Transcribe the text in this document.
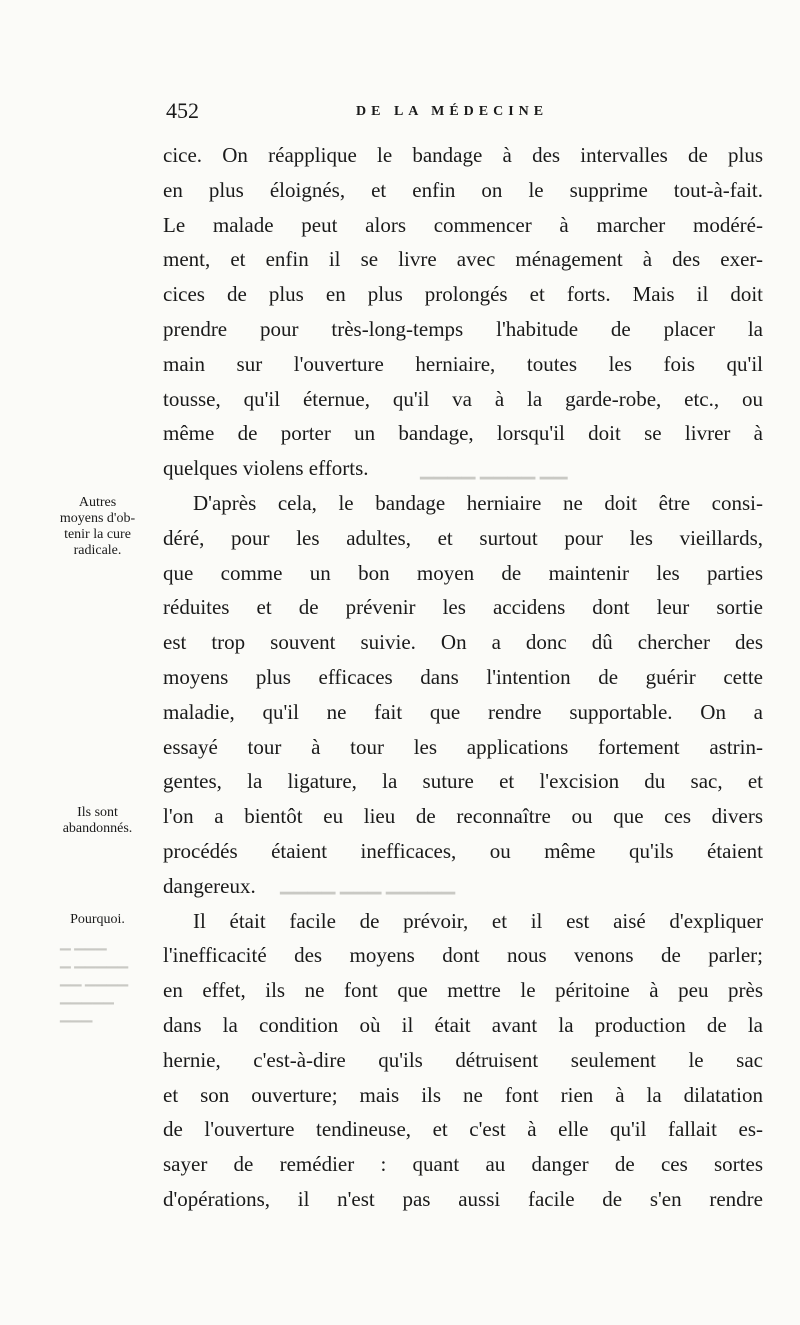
452	DE LA MÉDECINE
cice. On réapplique le bandage à des intervalles de plus
en plus éloignés, et enfin on le supprime tout-à-fait.
Le malade peut alors commencer à marcher modéré-
ment, et enfin il se livre avec ménagement à des exer-
cices de plus en plus prolongés et forts. Mais il doit
prendre pour très-long-temps l'habitude de placer la
main sur l'ouverture herniaire, toutes les fois qu'il
tousse, qu'il éternue, qu'il va à la garde-robe, etc., ou
même de porter un bandage, lorsqu'il doit se livrer à
quelques violens efforts.
D'après cela, le bandage herniaire ne doit être consi-
déré, pour les adultes, et surtout pour les vieillards,
que comme un bon moyen de maintenir les parties
réduites et de prévenir les accidens dont leur sortie
est trop souvent suivie. On a donc dû chercher des
moyens plus efficaces dans l'intention de guérir cette
maladie, qu'il ne fait que rendre supportable. On a
essayé tour à tour les applications fortement astrin-
gentes, la ligature, la suture et l'excision du sac, et
l'on a bientôt eu lieu de reconnaître ou que ces divers
procédés étaient inefficaces, ou même qu'ils étaient
dangereux.
Il était facile de prévoir, et il est aisé d'expliquer
l'inefficacité des moyens dont nous venons de parler;
en effet, ils ne font que mettre le péritoine à peu près
dans la condition où il était avant la production de la
hernie, c'est-à-dire qu'ils détruisent seulement le sac
et son ouverture; mais ils ne font rien à la dilatation
de l'ouverture tendineuse, et c'est à elle qu'il fallait es-
sayer de remédier : quant au danger de ces sortes
d'opérations, il n'est pas aussi facile de s'en rendre
Autres
moyens d'ob-
tenir la cure
radicale.
Ils sont
abandonnés.
Pourquoi.
▁▁▁ ▁
▁▁▁▁▁ ▁
▁▁▁▁ ▁▁
▁▁▁▁▁
▁▁▁
▁▁ ▁▁▁▁ ▁▁▁▁
▁▁▁▁▁ ▁▁▁ ▁▁▁▁
